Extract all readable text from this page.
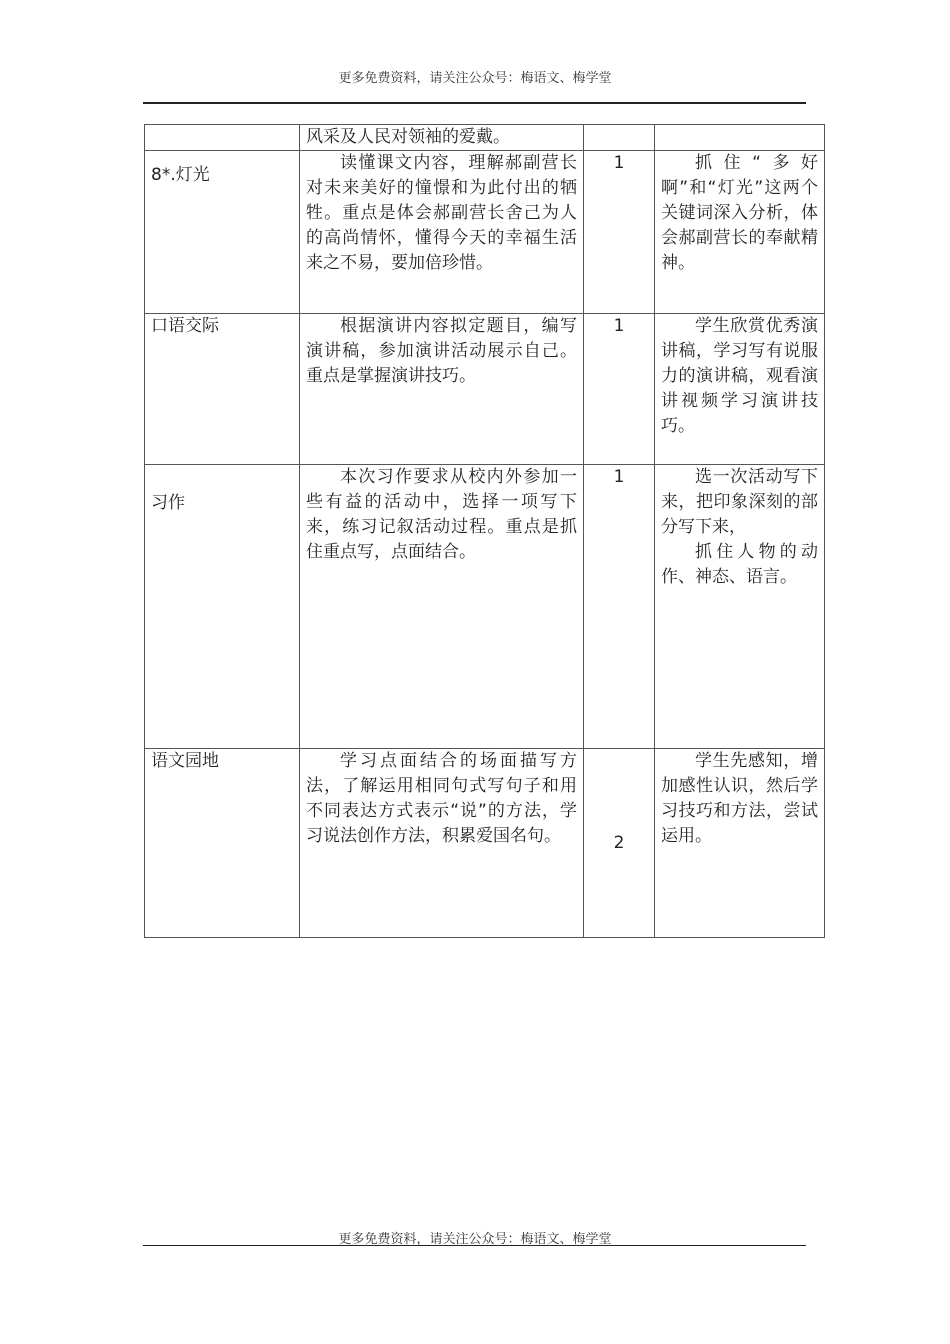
更多免费资料，请关注公众号：梅语文、梅学堂
	风采及人民对领袖的爱戴。		
8*.灯光	读懂课文内容，理解郝副营长对未来美好的憧憬和为此付出的牺牲。重点是体会郝副营长舍己为人的高尚情怀，懂得今天的幸福生活来之不易，要加倍珍惜。	1	抓住“多好啊”和“灯光”这两个关键词深入分析，体会郝副营长的奉献精神。

口语交际	根据演讲内容拟定题目，编写演讲稿，参加演讲活动展示自己。重点是掌握演讲技巧。	1	学生欣赏优秀演讲稿，学习写有说服力的演讲稿，观看演讲视频学习演讲技巧。

习作	本次习作要求从校内外参加一些有益的活动中，选择一项写下来，练习记叙活动过程。重点是抓住重点写，点面结合。	1	选一次活动写下来，把印象深刻的部分写下来，
抓住人物的动作、神态、语言。

语文园地	学习点面结合的场面描写方法，了解运用相同句式写句子和用不同表达方式表示“说”的方法，学习说法创作方法，积累爱国名句。	2	学生先感知，增加感性认识，然后学习技巧和方法，尝试运用。
更多免费资料，请关注公众号：梅语文、梅学堂
